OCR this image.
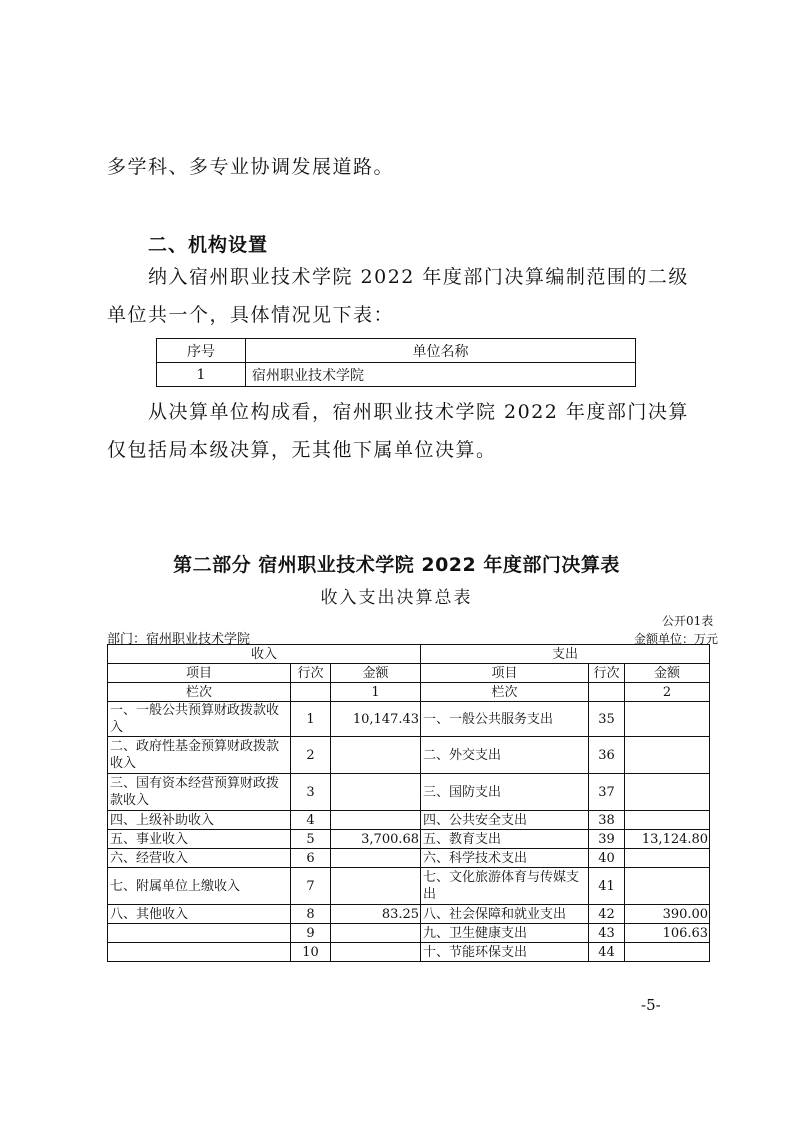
多学科、多专业协调发展道路。
二、机构设置
纳入宿州职业技术学院 2022 年度部门决算编制范围的二级
单位共一个，具体情况见下表：
序号	单位名称
1	宿州职业技术学院
从决算单位构成看，宿州职业技术学院 2022 年度部门决算
仅包括局本级决算，无其他下属单位决算。
第二部分 宿州职业技术学院 2022 年度部门决算表
收入支出决算总表
公开01表
部门：宿州职业技术学院	金额单位：万元
收入			支出		
项目	行次	金额	项目	行次	金额
栏次		1	栏次		2
一、一般公共预算财政拨款收入	1	10,147.43	一、一般公共服务支出	35	
二、政府性基金预算财政拨款收入	2		二、外交支出	36	
三、国有资本经营预算财政拨款收入	3		三、国防支出	37	
四、上级补助收入	4		四、公共安全支出	38	
五、事业收入	5	3,700.68	五、教育支出	39	13,124.80
六、经营收入	6		六、科学技术支出	40	
七、附属单位上缴收入	7		七、文化旅游体育与传媒支出	41	
八、其他收入	8	83.25	八、社会保障和就业支出	42	390.00
	9		九、卫生健康支出	43	106.63
	10		十、节能环保支出	44	
-5-
